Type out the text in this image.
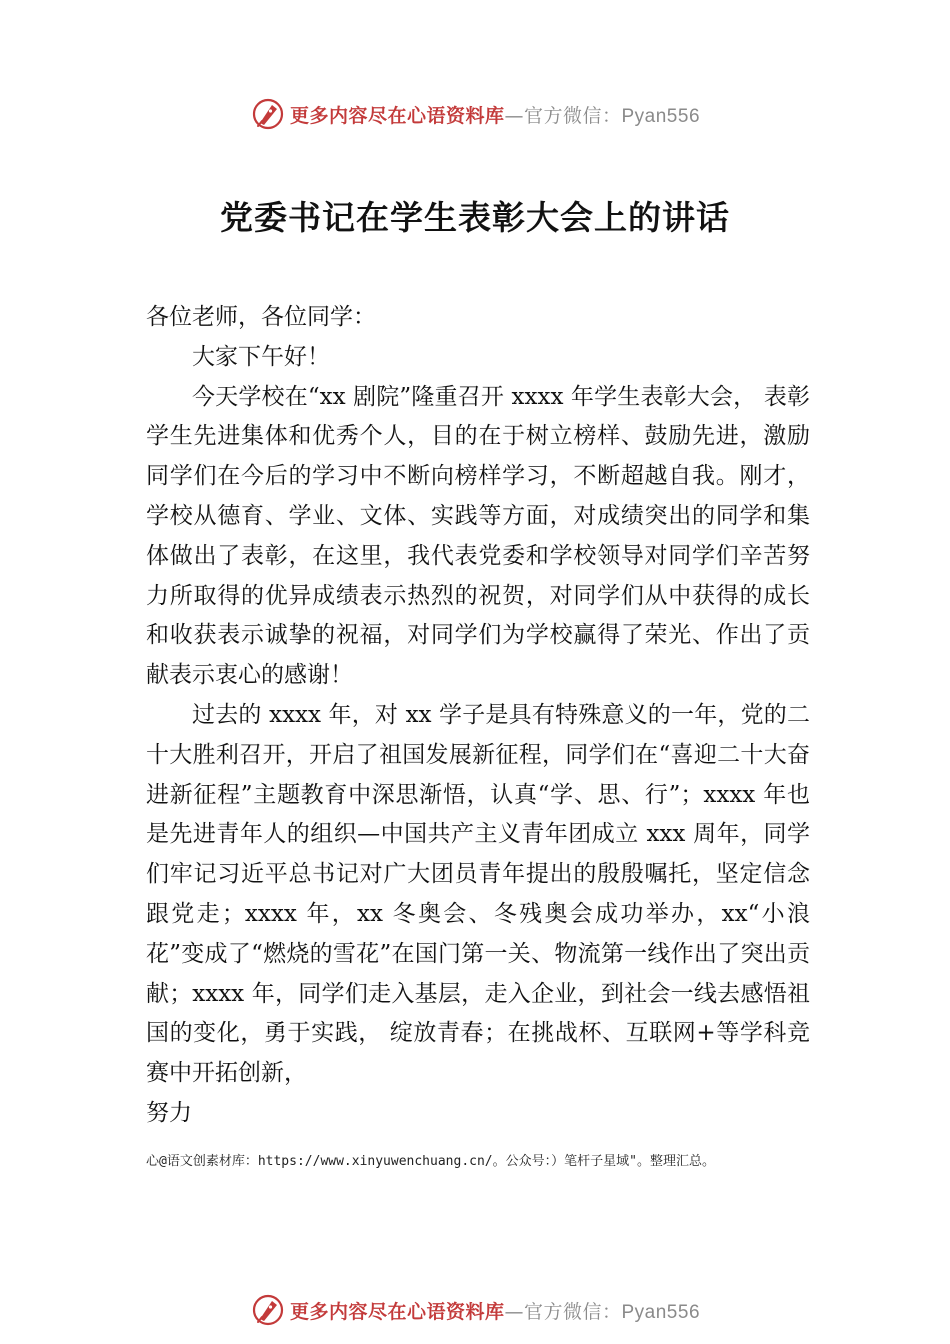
更多内容尽在心语资料库—官方微信：Pyan556
党委书记在学生表彰大会上的讲话

各位老师，各位同学：

大家下午好！

今天学校在“xx 剧院”隆重召开 xxxx 年学生表彰大会， 表彰学生先进集体和优秀个人，目的在于树立榜样、鼓励先进，激励同学们在今后的学习中不断向榜样学习，不断超越自我。刚才，学校从德育、学业、文体、实践等方面，对成绩突出的同学和集体做出了表彰，在这里，我代表党委和学校领导对同学们辛苦努力所取得的优异成绩表示热烈的祝贺，对同学们从中获得的成长和收获表示诚挚的祝福，对同学们为学校赢得了荣光、作出了贡献表示衷心的感谢！

过去的 xxxx 年，对 xx 学子是具有特殊意义的一年，党的二十大胜利召开，开启了祖国发展新征程，同学们在“喜迎二十大奋进新征程”主题教育中深思渐悟，认真“学、思、行”；xxxx 年也是先进青年人的组织—中国共产主义青年团成立 xxx 周年，同学们牢记习近平总书记对广大团员青年提出的殷殷嘱托，坚定信念跟党走；xxxx 年，xx 冬奥会、冬残奥会成功举办，xx“小浪花”变成了“燃烧的雪花”在国门第一关、物流第一线作出了突出贡献；xxxx 年，同学们走入基层，走入企业，到社会一线去感悟祖国的变化，勇于实践， 绽放青春；在挑战杯、互联网+等学科竞赛中开拓创新，

努力

心@语文创素材库：https://www.xinyuwenchuang.cn/。公众号：）笔杆子星域"。整理汇总。
更多内容尽在心语资料库—官方微信：Pyan556
